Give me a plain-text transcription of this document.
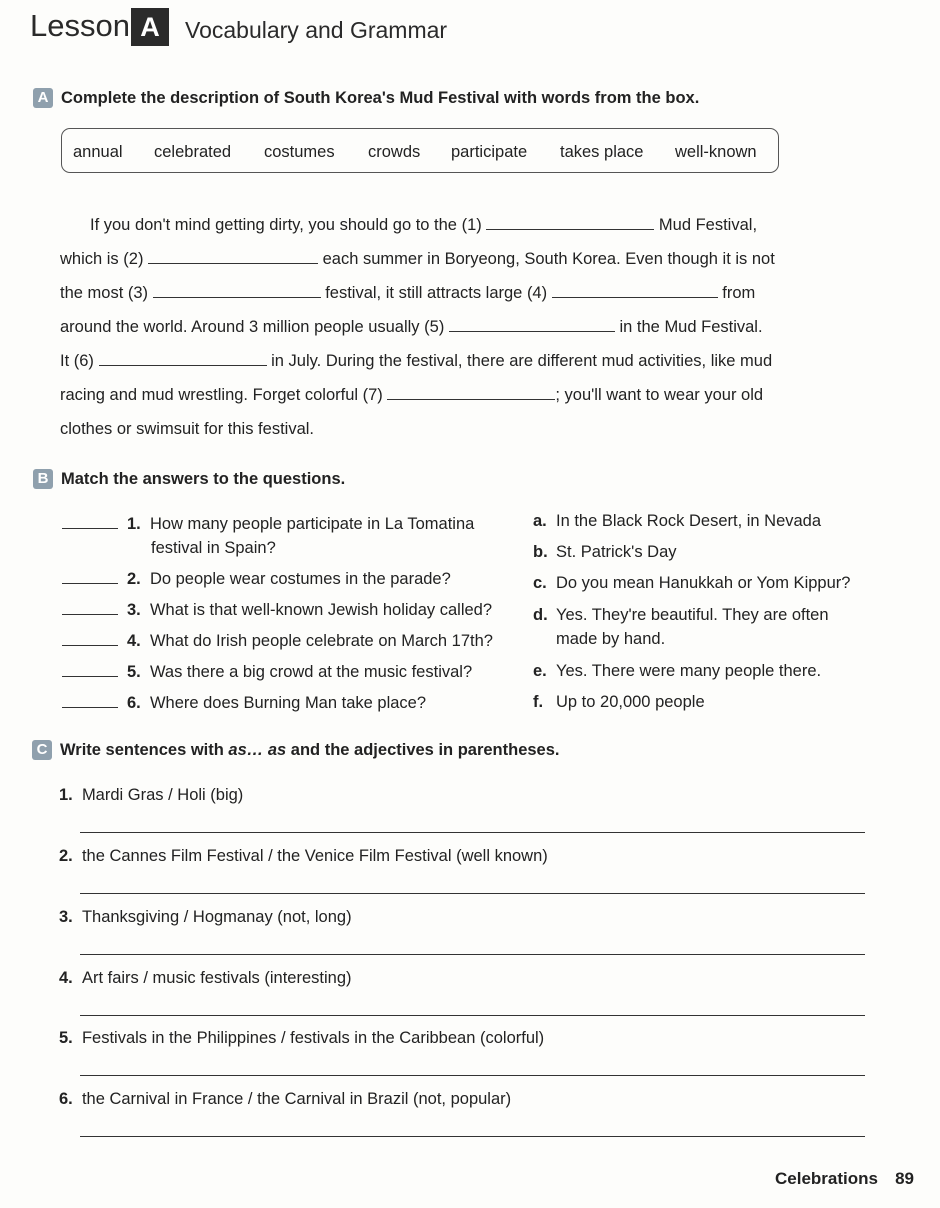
Lesson A	Vocabulary and Grammar
A Complete the description of South Korea's Mud Festival with words from the box.
annual celebrated costumes crowds participate takes place well-known
If you don't mind getting dirty, you should go to the (1)	Mud Festival,
which is (2)	each summer in Boryeong, South Korea. Even though it is not
the most (3)	festival, it still attracts large (4)	from
around the world. Around 3 million people usually (5)	in the Mud Festival.
It (6)	in July. During the festival, there are different mud activities, like mud
racing and mud wrestling. Forget colorful (7)	; you'll want to wear your old
clothes or swimsuit for this festival.
B Match the answers to the questions.
1. How many people participate in La Tomatina
festival in Spain?
2. Do people wear costumes in the parade?
3. What is that well-known Jewish holiday called?
4. What do Irish people celebrate on March 17th?
5. Was there a big crowd at the music festival?
6. Where does Burning Man take place?
a. In the Black Rock Desert, in Nevada
b. St. Patrick's Day
c. Do you mean Hanukkah or Yom Kippur?
d. Yes. They're beautiful. They are often
made by hand.
e. Yes. There were many people there.
f. Up to 20,000 people
C Write sentences with as… as and the adjectives in parentheses.
1. Mardi Gras / Holi (big)
2. the Cannes Film Festival / the Venice Film Festival (well known)
3. Thanksgiving / Hogmanay (not, long)
4. Art fairs / music festivals (interesting)
5. Festivals in the Philippines / festivals in the Caribbean (colorful)
6. the Carnival in France / the Carnival in Brazil (not, popular)
Celebrations 89
